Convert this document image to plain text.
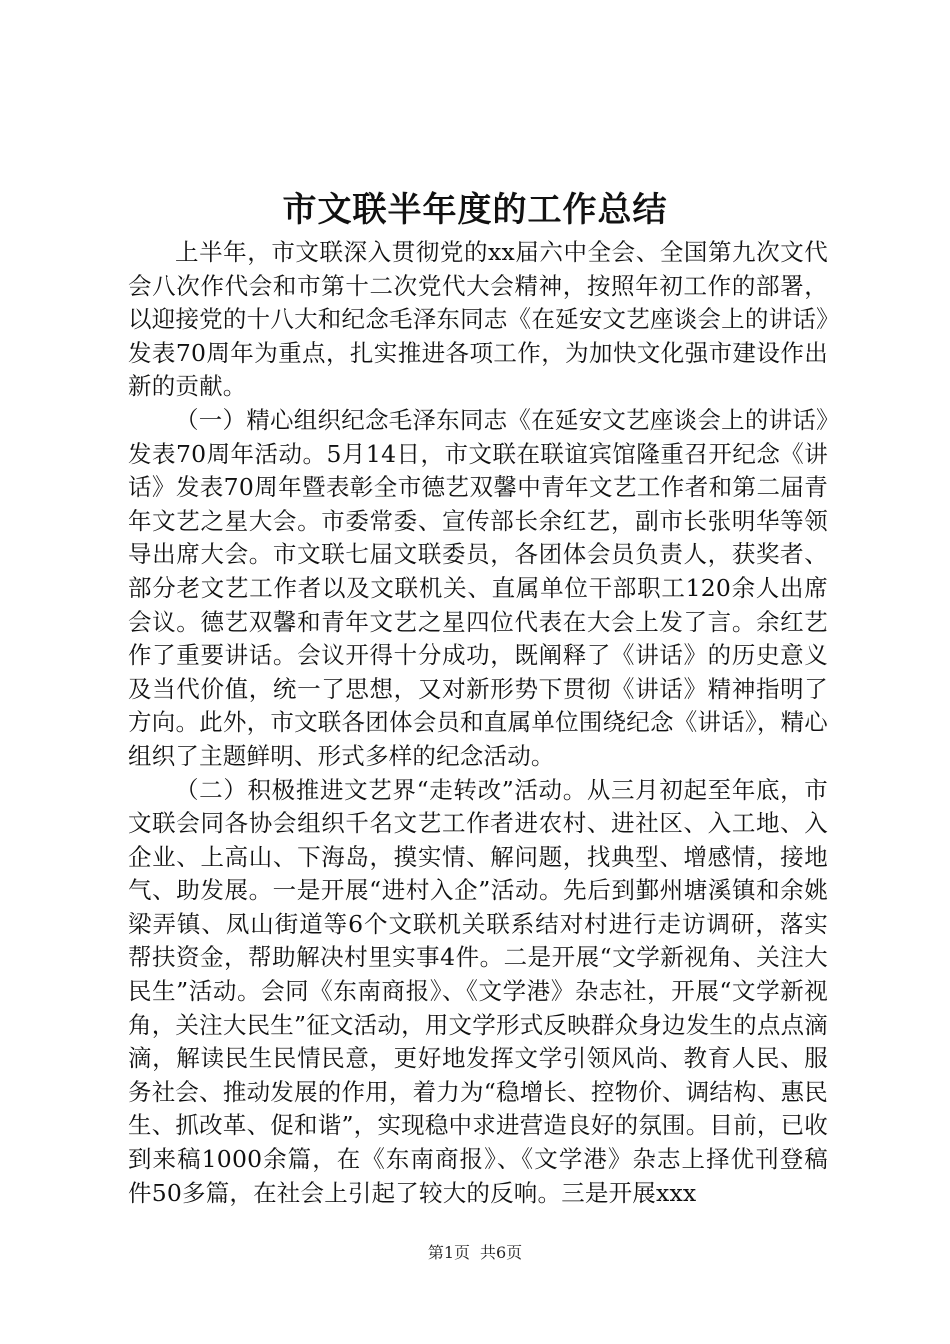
市文联半年度的工作总结

上半年，市文联深入贯彻党的xx届六中全会、全国第九次文代会八次作代会和市第十二次党代大会精神，按照年初工作的部署，以迎接党的十八大和纪念毛泽东同志《在延安文艺座谈会上的讲话》发表70周年为重点，扎实推进各项工作，为加快文化强市建设作出新的贡献。

（一）精心组织纪念毛泽东同志《在延安文艺座谈会上的讲话》发表70周年活动。5月14日，市文联在联谊宾馆隆重召开纪念《讲话》发表70周年暨表彰全市德艺双馨中青年文艺工作者和第二届青年文艺之星大会。市委常委、宣传部长余红艺，副市长张明华等领导出席大会。市文联七届文联委员，各团体会员负责人，获奖者、部分老文艺工作者以及文联机关、直属单位干部职工120余人出席会议。德艺双馨和青年文艺之星四位代表在大会上发了言。余红艺作了重要讲话。会议开得十分成功，既阐释了《讲话》的历史意义及当代价值，统一了思想，又对新形势下贯彻《讲话》精神指明了方向。此外，市文联各团体会员和直属单位围绕纪念《讲话》，精心组织了主题鲜明、形式多样的纪念活动。

（二）积极推进文艺界“走转改”活动。从三月初起至年底，市文联会同各协会组织千名文艺工作者进农村、进社区、入工地、入企业、上高山、下海岛，摸实情、解问题，找典型、增感情，接地气、助发展。一是开展“进村入企”活动。先后到鄞州塘溪镇和余姚梁弄镇、凤山街道等6个文联机关联系结对村进行走访调研，落实帮扶资金，帮助解决村里实事4件。二是开展“文学新视角、关注大民生”活动。会同《东南商报》、《文学港》杂志社，开展“文学新视角，关注大民生”征文活动，用文学形式反映群众身边发生的点点滴滴，解读民生民情民意，更好地发挥文学引领风尚、教育人民、服务社会、推动发展的作用，着力为“稳增长、控物价、调结构、惠民生、抓改革、促和谐”，实现稳中求进营造良好的氛围。目前，已收到来稿1000余篇，在《东南商报》、《文学港》杂志上择优刊登稿件50多篇，在社会上引起了较大的反响。三是开展xxx

第1页 共6页
